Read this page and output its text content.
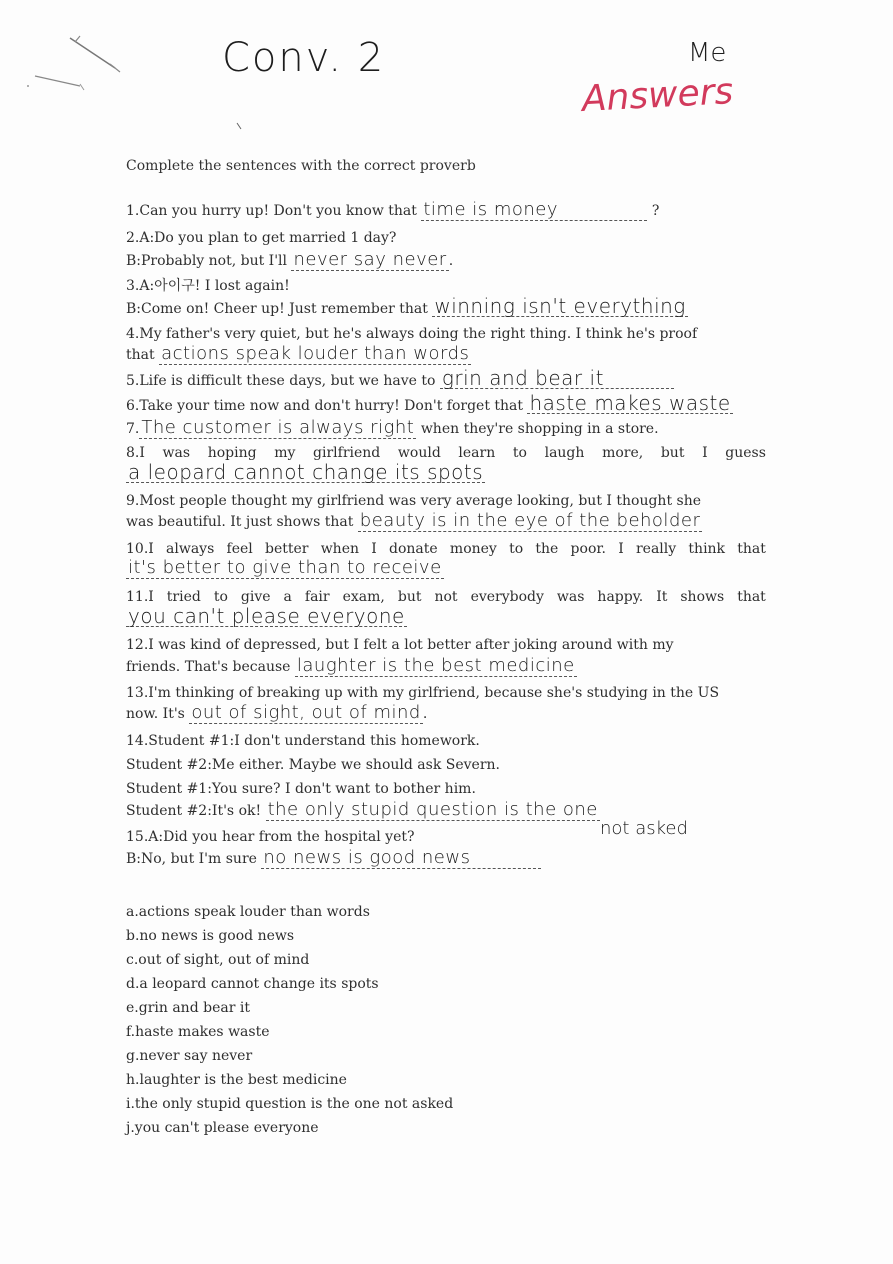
Conv. 2	Me
Answers
Complete the sentences with the correct proverb
1.Can you hurry up! Don't you know that time is money	?
2.A:Do you plan to get married 1 day?
B:Probably not, but I'll never say never .
3.A:아이구! I lost again!
B:Come on! Cheer up! Just remember that winning isn't everything
4.My father's very quiet, but he's always doing the right thing. I think he's proof
that actions speak louder than words
5.Life is difficult these days, but we have to grin and bear it
6.Take your time now and don't hurry! Don't forget that haste makes waste
7. The customer is always right when they're shopping in a store.
8.I was hoping my girlfriend would learn to laugh more, but I guess
a leopard cannot change its spots
9.Most people thought my girlfriend was very average looking, but I thought she
was beautiful. It just shows that beauty is in the eye of the beholder
10.I always feel better when I donate money to the poor. I really think that
it's better to give than to receive
11.I tried to give a fair exam, but not everybody was happy. It shows that
you can't please everyone
12.I was kind of depressed, but I felt a lot better after joking around with my
friends. That's because laughter is the best medicine
13.I'm thinking of breaking up with my girlfriend, because she's studying in the US
now. It's out of sight, out of mind .
14.Student #1:I don't understand this homework.
Student #2:Me either. Maybe we should ask Severn.
Student #1:You sure? I don't want to bother him.
Student #2:It's ok! the only stupid question is the one
not asked
15.A:Did you hear from the hospital yet?
B:No, but I'm sure no news is good news
a.actions speak louder than words
b.no news is good news
c.out of sight, out of mind
d.a leopard cannot change its spots
e.grin and bear it
f.haste makes waste
g.never say never
h.laughter is the best medicine
i.the only stupid question is the one not asked
j.you can't please everyone
